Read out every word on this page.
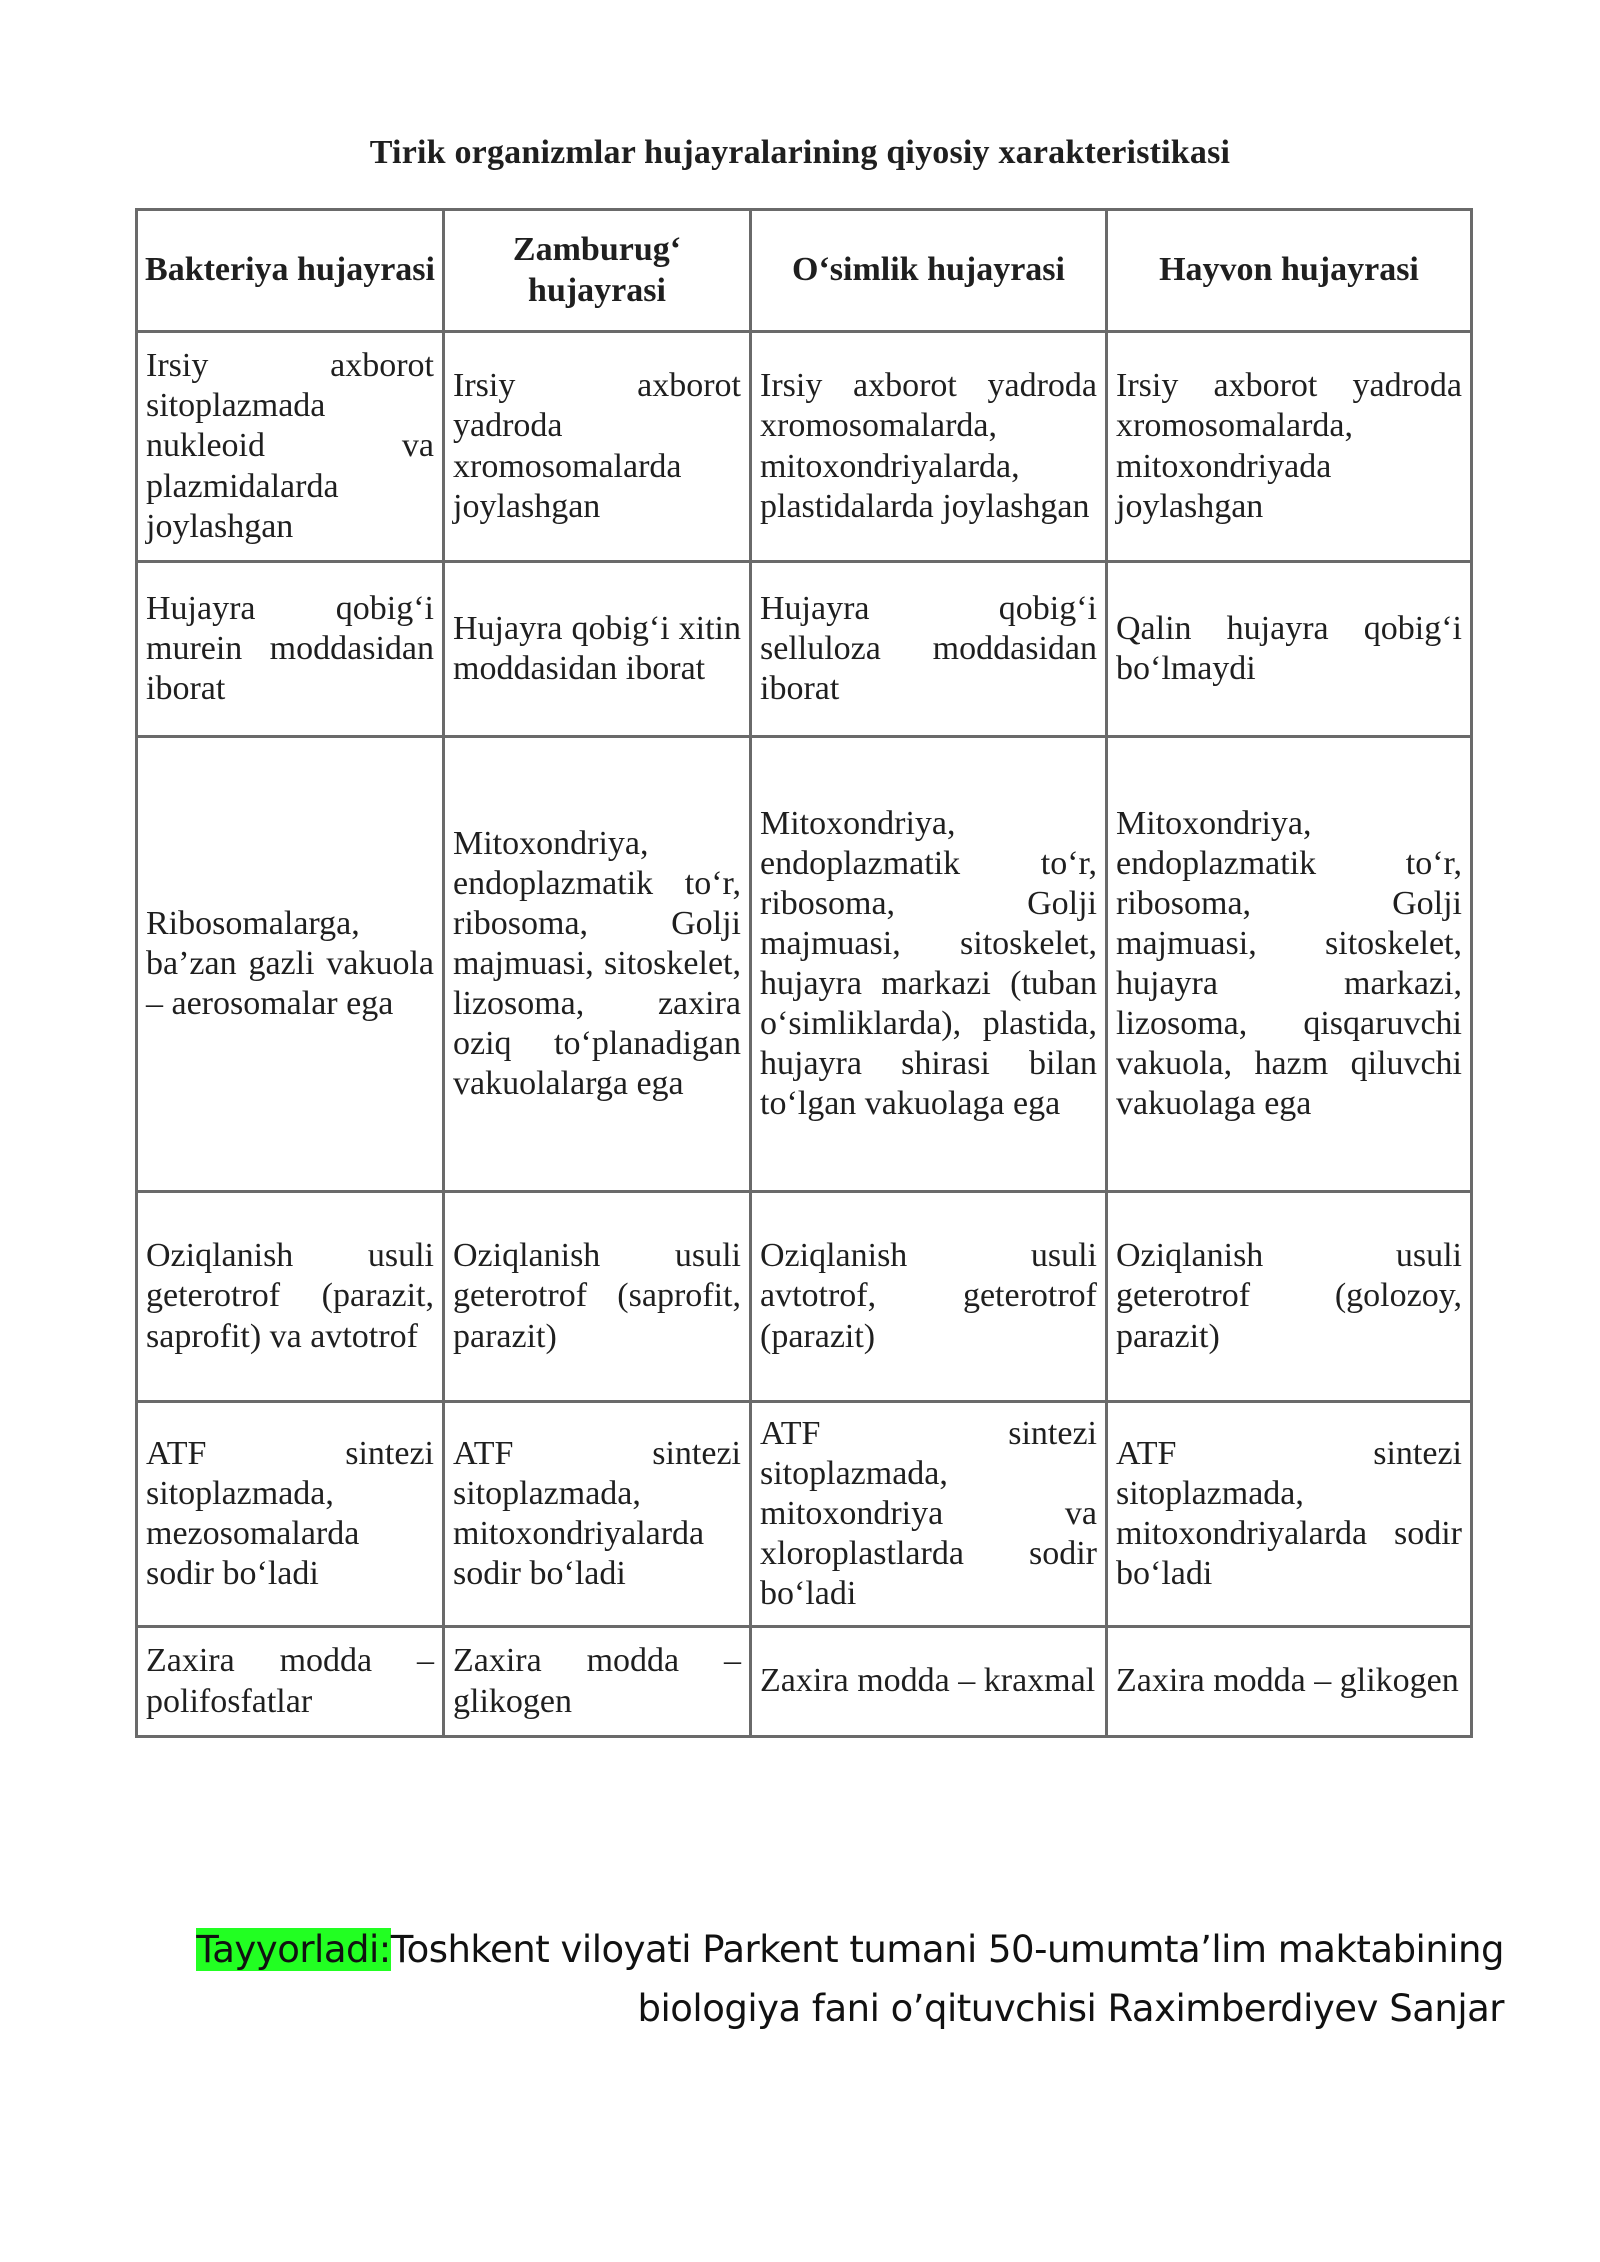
Tirik organizmlar hujayralarining qiyosiy xarakteristikasi
Bakteriya hujayrasi	Zamburug‘ hujayrasi	O‘simlik hujayrasi	Hayvon hujayrasi
Irsiy axborot sitoplazmada nukleoid va plazmidalarda joylashgan	Irsiy axborot yadroda xromosomalarda joylashgan	Irsiy axborot yadroda xromosomalarda, mitoxondriyalarda, plastidalarda joylashgan	Irsiy axborot yadroda xromosomalarda, mitoxondriyada joylashgan
Hujayra qobig‘i murein moddasidan iborat	Hujayra qobig‘i xitin moddasidan iborat	Hujayra qobig‘i selluloza moddasidan iborat	Qalin hujayra qobig‘i bo‘lmaydi
Ribosomalarga, ba’zan gazli vakuola – aerosomalar ega	Mitoxondriya, endoplazmatik to‘r, ribosoma, Golji majmuasi, sitoskelet, lizosoma, zaxira oziq to‘planadigan vakuolalarga ega	Mitoxondriya, endoplazmatik to‘r, ribosoma, Golji majmuasi, sitoskelet, hujayra markazi (tuban o‘simliklarda), plastida, hujayra shirasi bilan to‘lgan vakuolaga ega	Mitoxondriya, endoplazmatik to‘r, ribosoma, Golji majmuasi, sitoskelet, hujayra markazi, lizosoma, qisqaruvchi vakuola, hazm qiluvchi vakuolaga ega
Oziqlanish usuli geterotrof (parazit, saprofit) va avtotrof	Oziqlanish usuli geterotrof (saprofit, parazit)	Oziqlanish usuli avtotrof, geterotrof (parazit)	Oziqlanish usuli geterotrof (golozoy, parazit)
ATF sintezi sitoplazmada, mezosomalarda sodir bo‘ladi	ATF sintezi sitoplazmada, mitoxondriyalarda sodir bo‘ladi	ATF sintezi sitoplazmada, mitoxondriya va xloroplastlarda sodir bo‘ladi	ATF sintezi sitoplazmada, mitoxondriyalarda sodir bo‘ladi
Zaxira modda – polifosfatlar	Zaxira modda – glikogen	Zaxira modda – kraxmal	Zaxira modda – glikogen
Tayyorladi:Toshkent viloyati Parkent tumani 50-umumta’lim maktabining biologiya fani o’qituvchisi Raximberdiyev Sanjar
